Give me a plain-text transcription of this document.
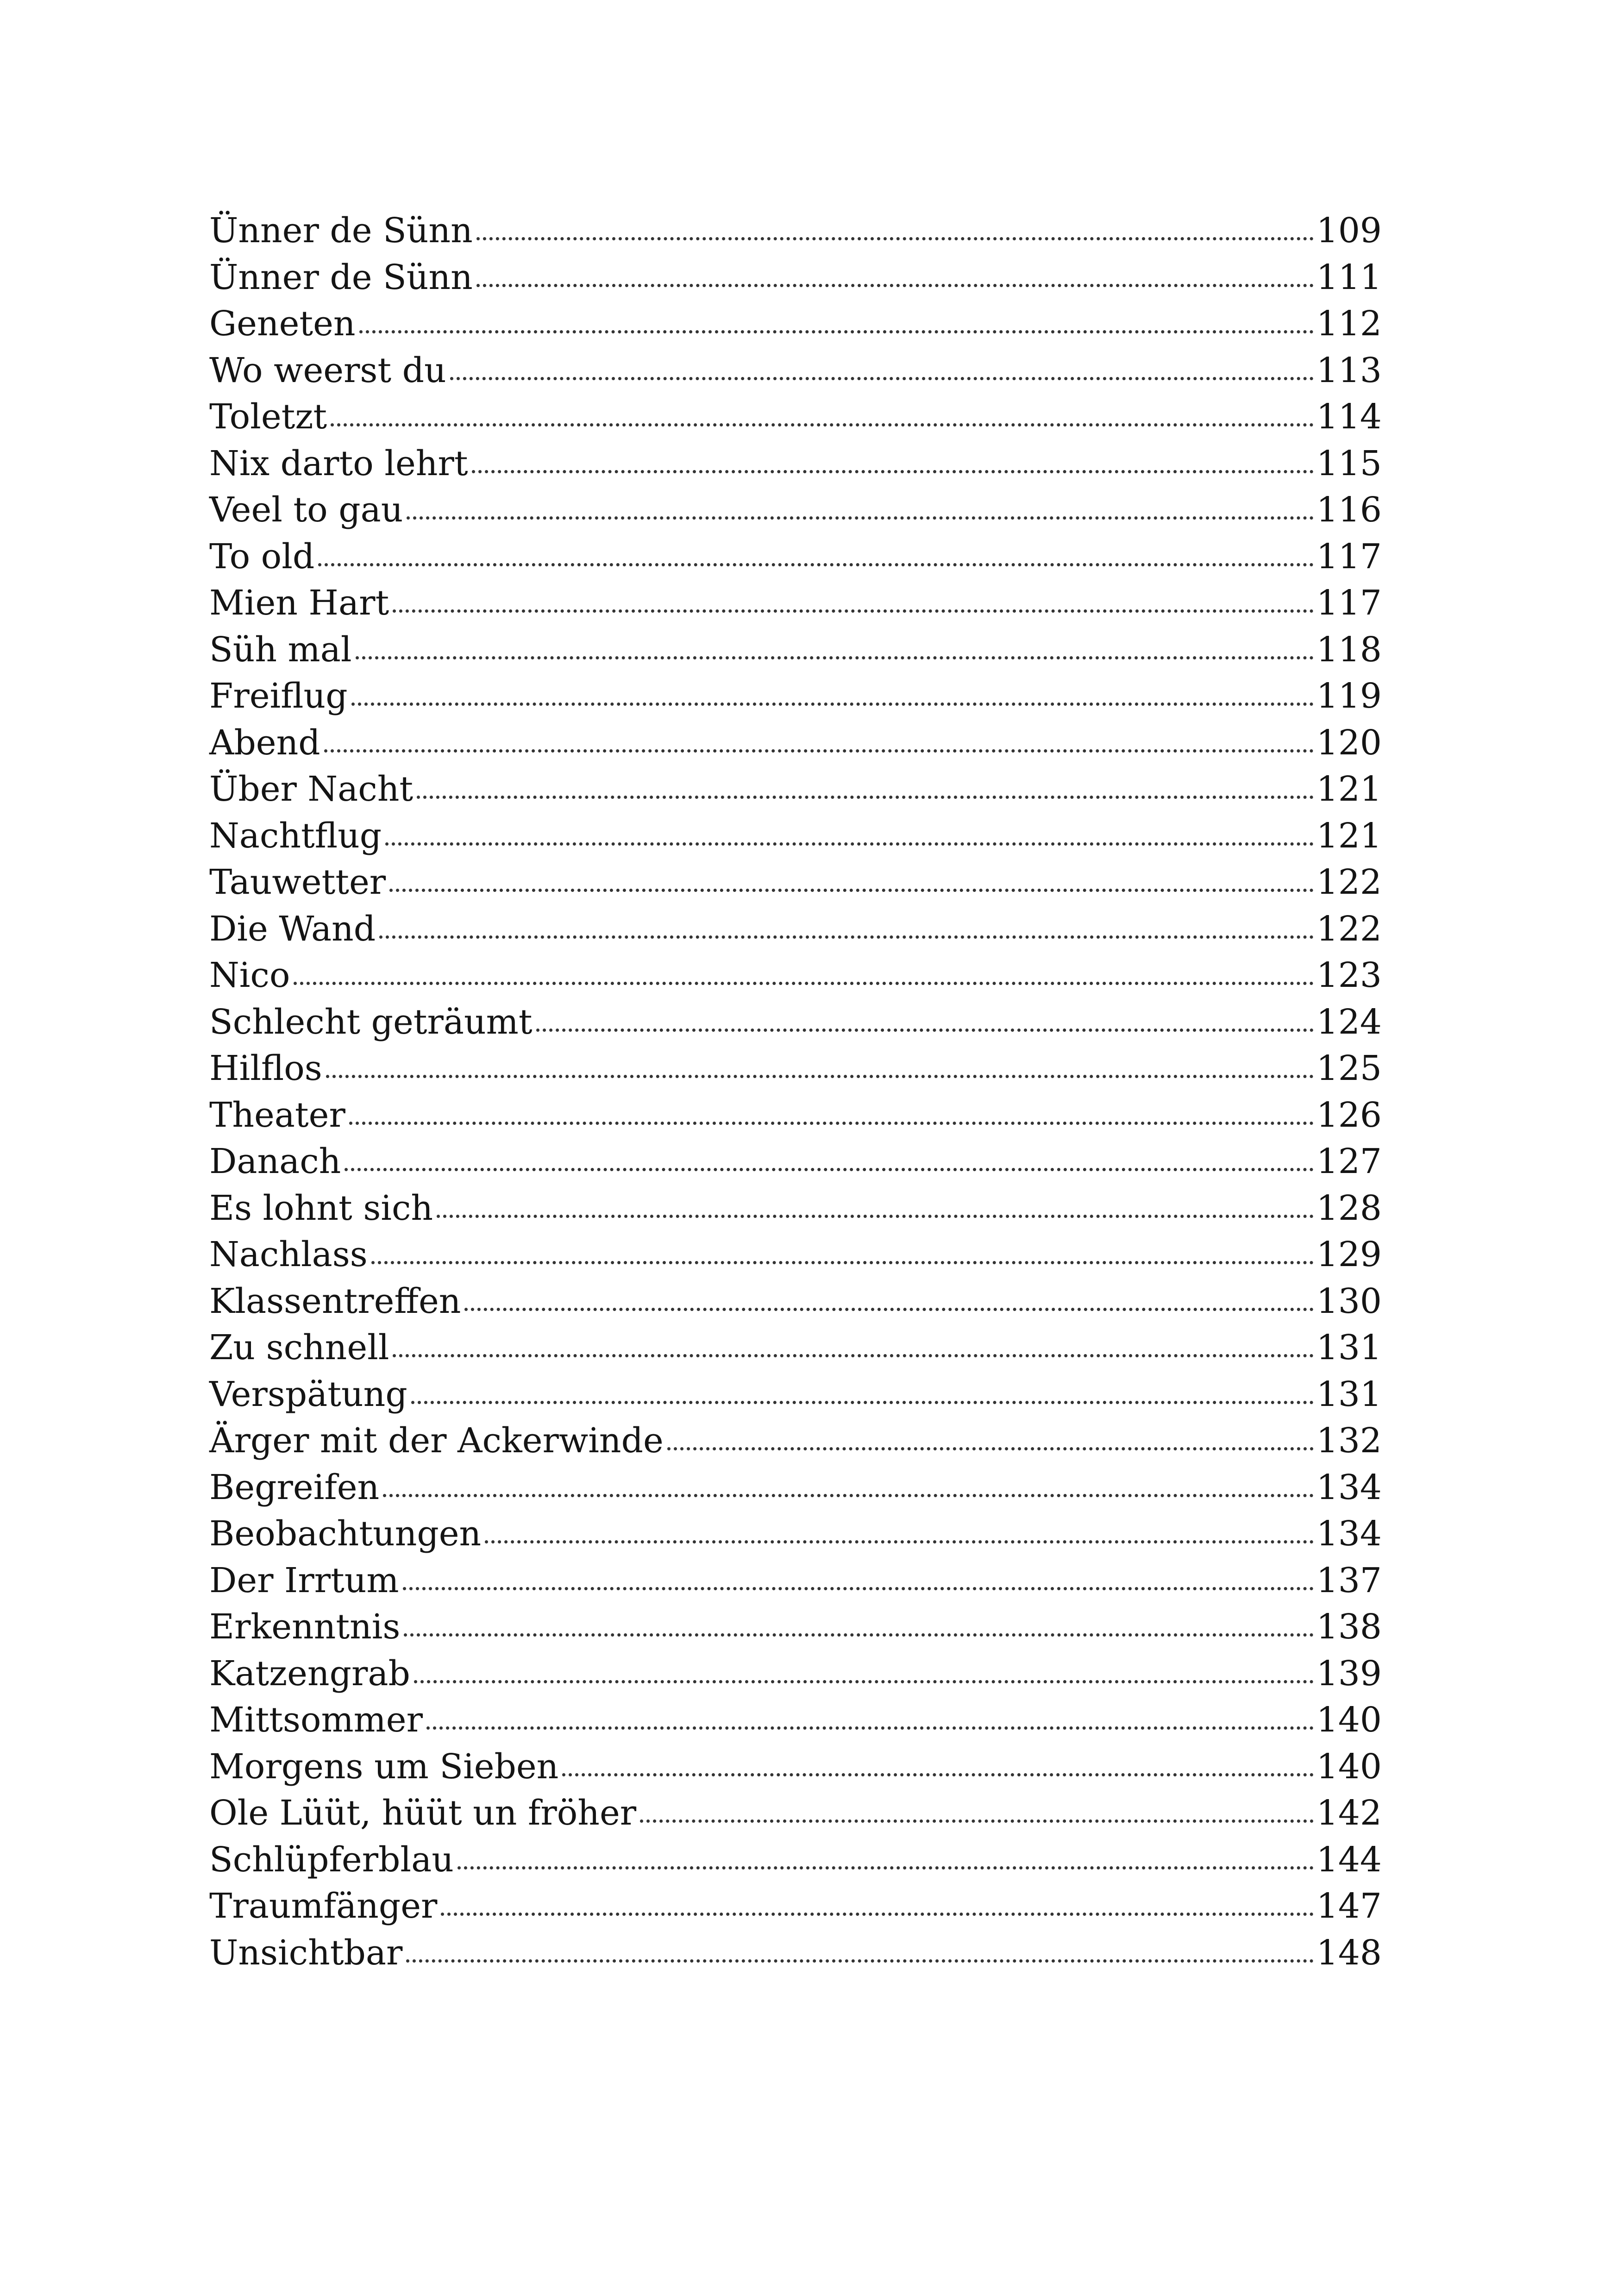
Ünner de Sünn	109
Ünner de Sünn	111
Geneten	112
Wo weerst du	113
Toletzt	114
Nix darto lehrt	115
Veel to gau	116
To old	117
Mien Hart	117
Süh mal	118
Freiflug	119
Abend	120
Über Nacht	121
Nachtflug	121
Tauwetter	122
Die Wand	122
Nico	123
Schlecht geträumt	124
Hilflos	125
Theater	126
Danach	127
Es lohnt sich	128
Nachlass	129
Klassentreffen	130
Zu schnell	131
Verspätung	131
Ärger mit der Ackerwinde	132
Begreifen	134
Beobachtungen	134
Der Irrtum	137
Erkenntnis	138
Katzengrab	139
Mittsommer	140
Morgens um Sieben	140
Ole Lüüt, hüüt un fröher	142
Schlüpferblau	144
Traumfänger	147
Unsichtbar	148
